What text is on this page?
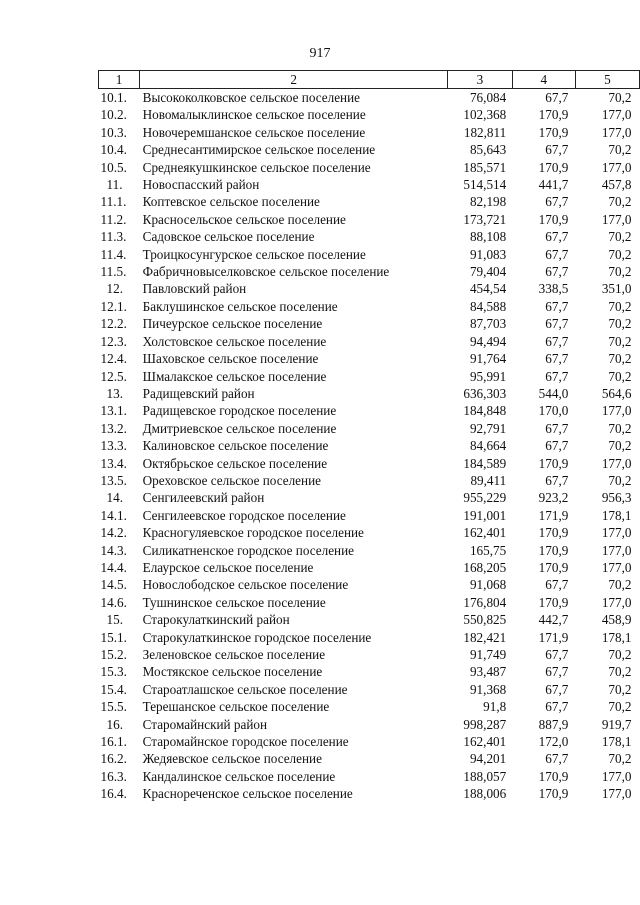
917
1	2	3	4	5
10.1.	Высококолковское сельское поселение	76,084	67,7	70,2
10.2.	Новомалыклинское сельское поселение	102,368	170,9	177,0
10.3.	Новочеремшанское сельское поселение	182,811	170,9	177,0
10.4.	Среднесантимирское сельское поселение	85,643	67,7	70,2
10.5.	Среднеякушкинское сельское поселение	185,571	170,9	177,0
11.	Новоспасский район	514,514	441,7	457,8
11.1.	Коптевское сельское поселение	82,198	67,7	70,2
11.2.	Красносельское сельское поселение	173,721	170,9	177,0
11.3.	Садовское сельское поселение	88,108	67,7	70,2
11.4.	Троицкосунгурское сельское поселение	91,083	67,7	70,2
11.5.	Фабричновыселковское сельское поселение	79,404	67,7	70,2
12.	Павловский район	454,54	338,5	351,0
12.1.	Баклушинское сельское поселение	84,588	67,7	70,2
12.2.	Пичеурское сельское поселение	87,703	67,7	70,2
12.3.	Холстовское сельское поселение	94,494	67,7	70,2
12.4.	Шаховское сельское поселение	91,764	67,7	70,2
12.5.	Шмалакское сельское поселение	95,991	67,7	70,2
13.	Радищевский район	636,303	544,0	564,6
13.1.	Радищевское городское поселение	184,848	170,0	177,0
13.2.	Дмитриевское сельское поселение	92,791	67,7	70,2
13.3.	Калиновское сельское поселение	84,664	67,7	70,2
13.4.	Октябрьское сельское поселение	184,589	170,9	177,0
13.5.	Ореховское сельское поселение	89,411	67,7	70,2
14.	Сенгилеевский район	955,229	923,2	956,3
14.1.	Сенгилеевское городское поселение	191,001	171,9	178,1
14.2.	Красногуляевское городское поселение	162,401	170,9	177,0
14.3.	Силикатненское городское поселение	165,75	170,9	177,0
14.4.	Елаурское сельское поселение	168,205	170,9	177,0
14.5.	Новослободское сельское поселение	91,068	67,7	70,2
14.6.	Тушнинское сельское поселение	176,804	170,9	177,0
15.	Старокулаткинский район	550,825	442,7	458,9
15.1.	Старокулаткинское городское поселение	182,421	171,9	178,1
15.2.	Зеленовское сельское поселение	91,749	67,7	70,2
15.3.	Мостякское сельское поселение	93,487	67,7	70,2
15.4.	Староатлашское сельское поселение	91,368	67,7	70,2
15.5.	Терешанское сельское поселение	91,8	67,7	70,2
16.	Старомайнский район	998,287	887,9	919,7
16.1.	Старомайнское городское поселение	162,401	172,0	178,1
16.2.	Жедяевское сельское поселение	94,201	67,7	70,2
16.3.	Кандалинское сельское поселение	188,057	170,9	177,0
16.4.	Краснореченское сельское поселение	188,006	170,9	177,0
